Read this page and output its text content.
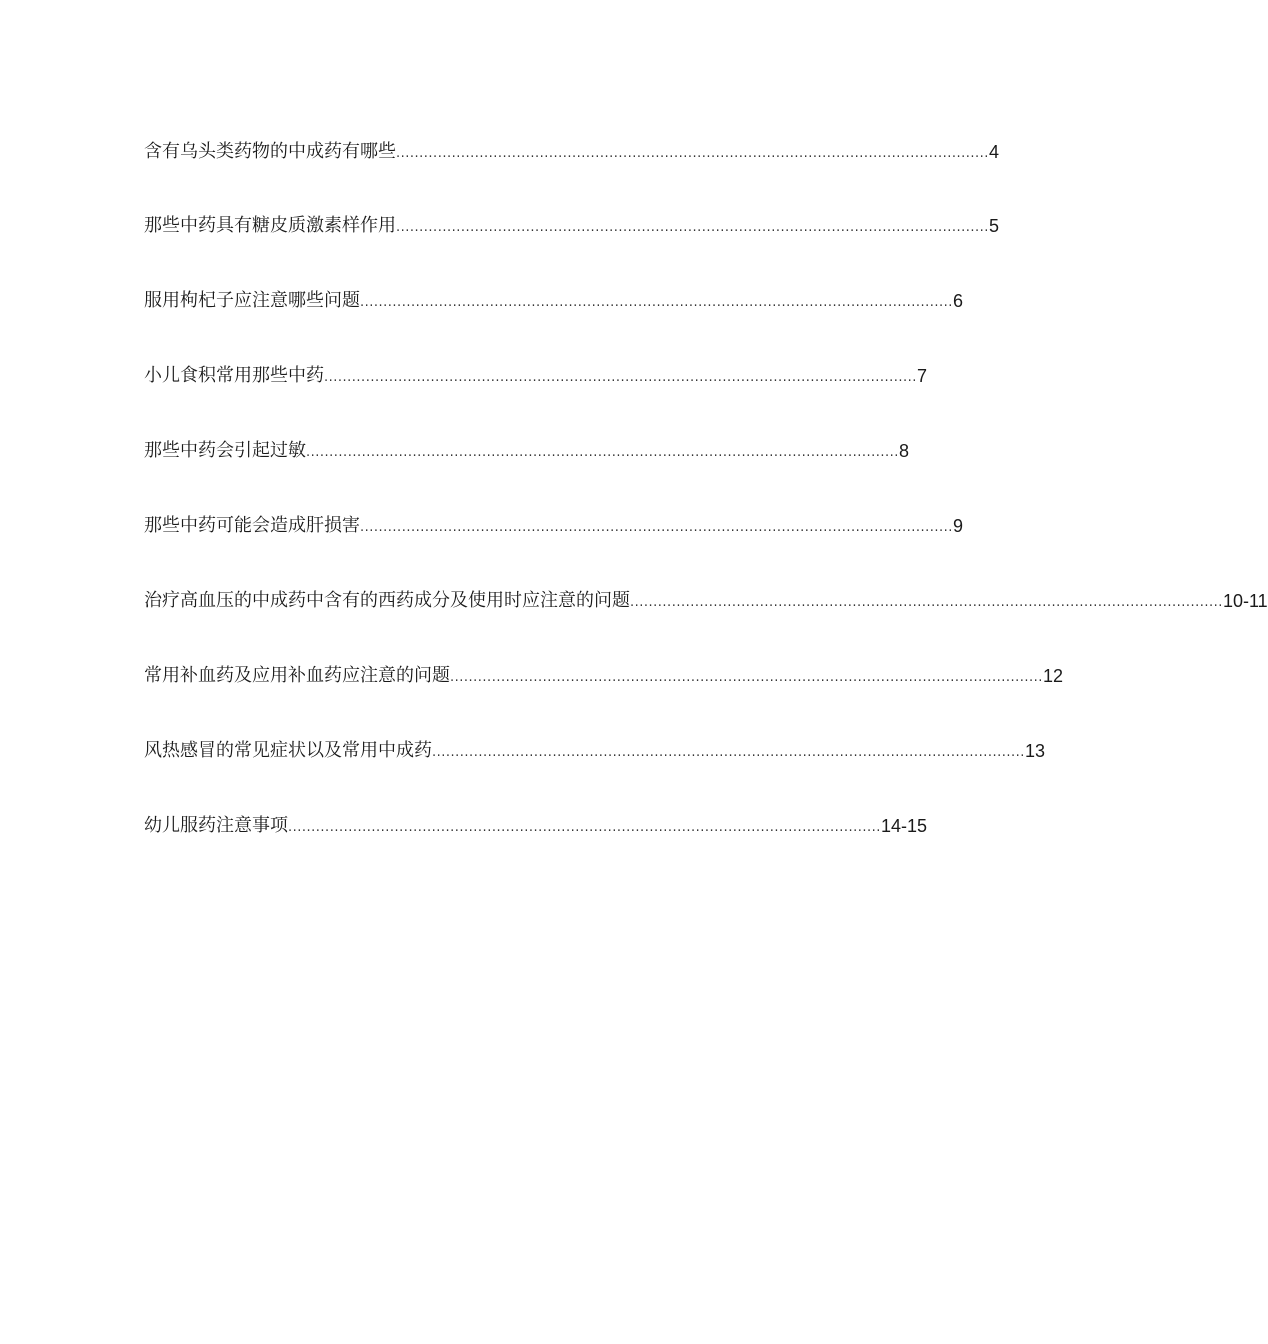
含有乌头类药物的中成药有哪些 ................................................................................................................................ 4
那些中药具有糖皮质激素样作用 ................................................................................................................................ 5
服用枸杞子应注意哪些问题 ................................................................................................................................ 6
小儿食积常用那些中药 ................................................................................................................................ 7
那些中药会引起过敏 ................................................................................................................................ 8
那些中药可能会造成肝损害 ................................................................................................................................ 9
治疗高血压的中成药中含有的西药成分及使用时应注意的问题 ................................................................................................................................ 10-11
常用补血药及应用补血药应注意的问题 ................................................................................................................................ 12
风热感冒的常见症状以及常用中成药 ................................................................................................................................ 13
幼儿服药注意事项 ................................................................................................................................ 14-15
